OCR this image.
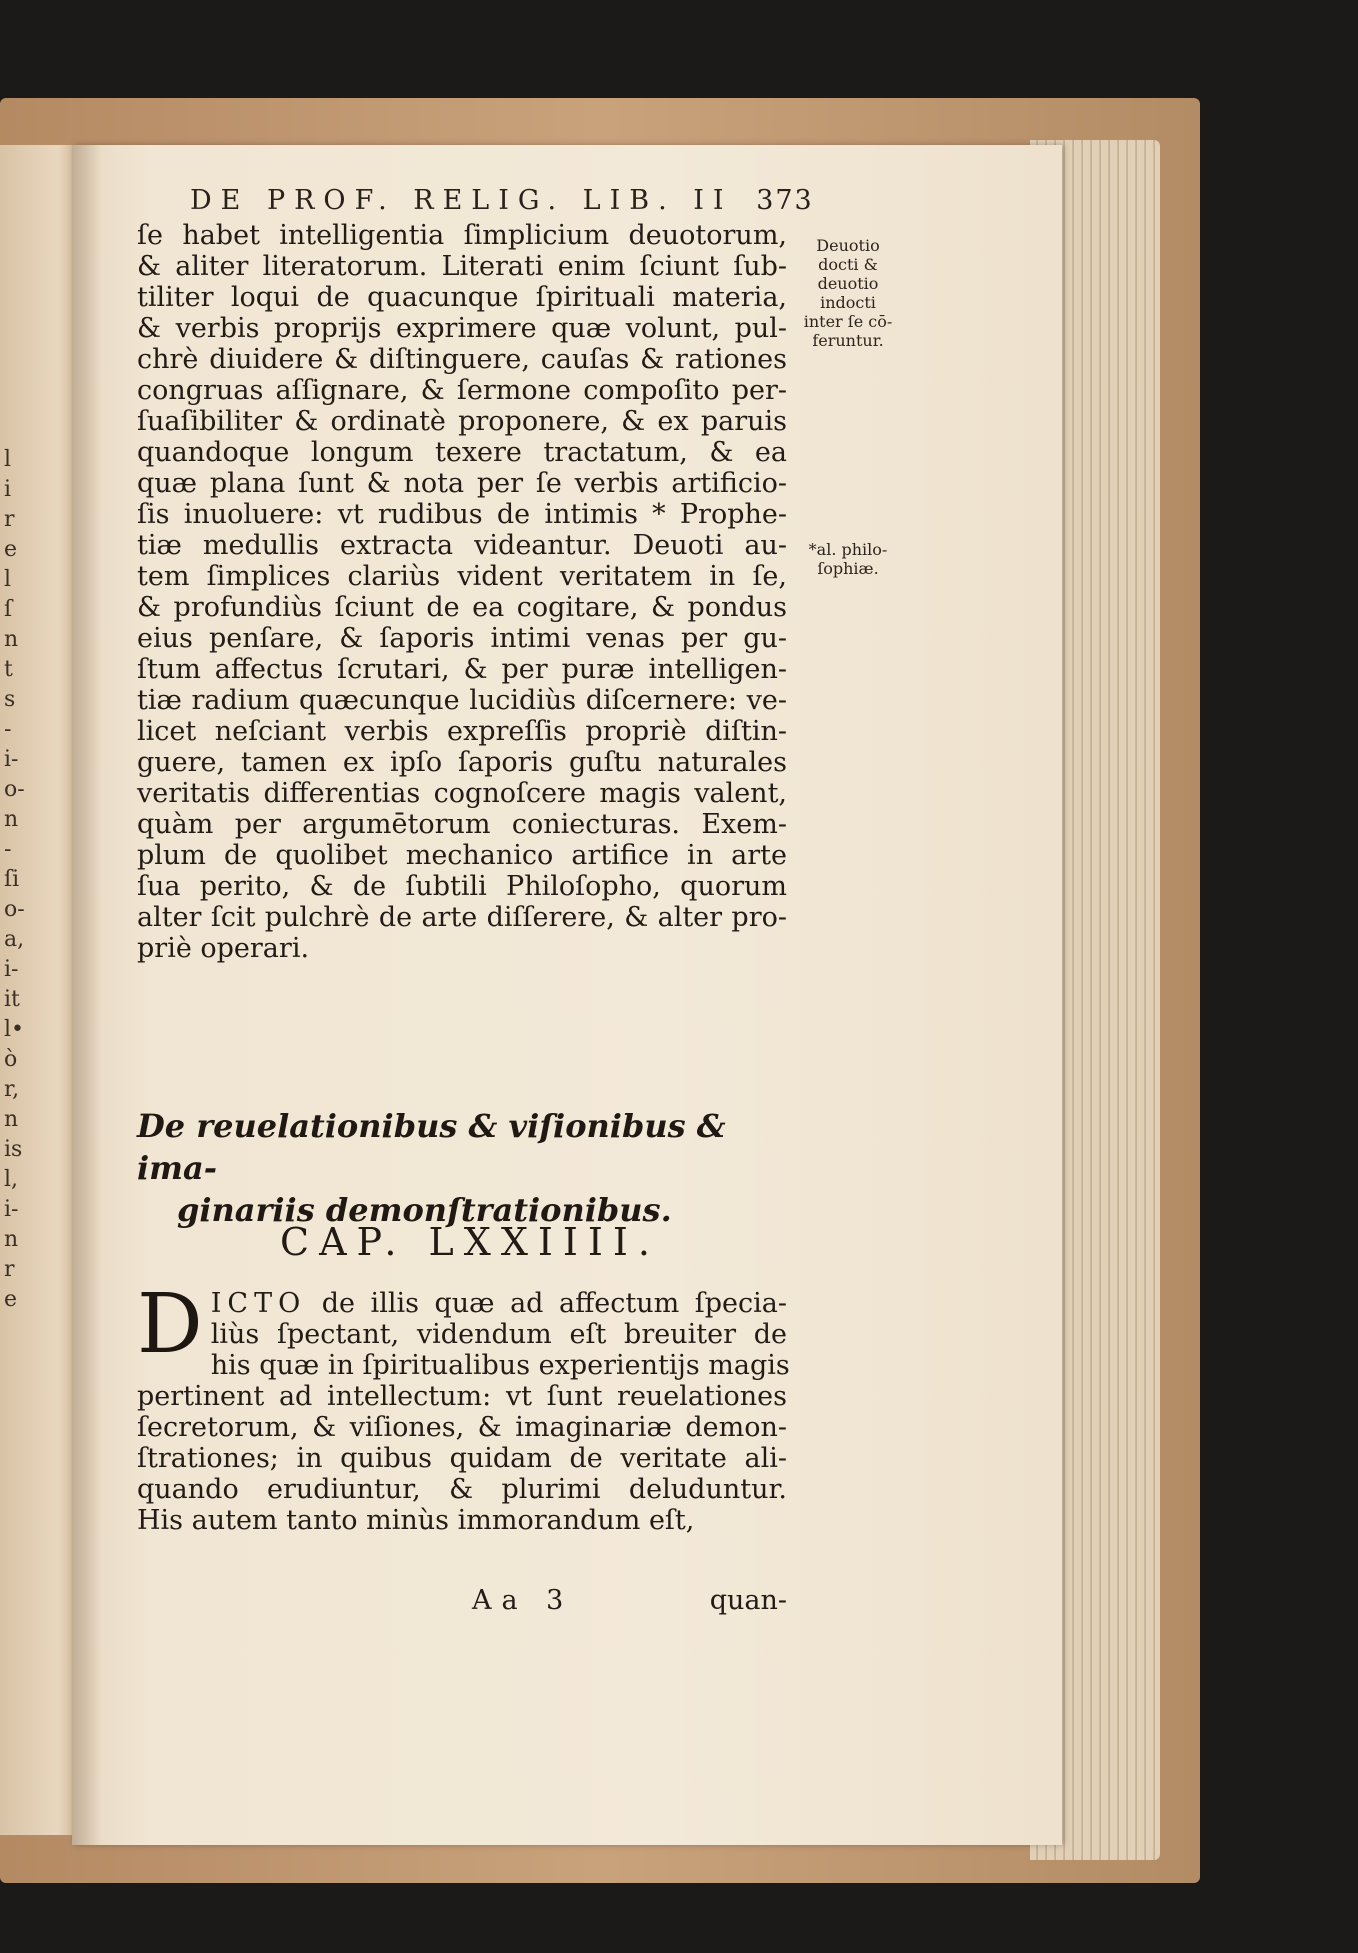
l
i
r
e
l
ſ
n
t
s
-
i-
o-
n
-
ſi
o-
a,
i-
it
l•
ò
r,
n
is
l,
i-
n
r
e
DE PROF. RELIG. LIB. II 373
ſe habet intelligentia ſimplicium deuotorum,
& aliter literatorum. Literati enim ſciunt ſub-
tiliter loqui de quacunque ſpirituali materia,
& verbis proprijs exprimere quæ volunt, pul-
chrè diuidere & diſtinguere, cauſas & rationes
congruas aſſignare, & ſermone compoſito per-
ſuaſibiliter & ordinatè proponere, & ex paruis
quandoque longum texere tractatum, & ea
quæ plana ſunt & nota per ſe verbis artificio-
ſis inuoluere: vt rudibus de intimis * Prophe-
tiæ medullis extracta videantur. Deuoti au-
tem ſimplices clariùs vident veritatem in ſe,
& profundiùs ſciunt de ea cogitare, & pondus
eius penſare, & ſaporis intimi venas per gu-
ſtum affectus ſcrutari, & per puræ intelligen-
tiæ radium quæcunque lucidiùs diſcernere: ve-
licet neſciant verbis expreſſis propriè diſtin-
guere, tamen ex ipſo ſaporis guſtu naturales
veritatis differentias cognoſcere magis valent,
quàm per argumētorum coniecturas. Exem-
plum de quolibet mechanico artifice in arte
ſua perito, & de ſubtili Philoſopho, quorum
alter ſcit pulchrè de arte diſſerere, & alter pro-
priè operari.
Deuotio
docti &
deuotio
indocti
inter ſe cō-
feruntur.
*al. philo-
ſophiæ.
De reuelationibus & viſionibus & ima-
ginariis demonſtrationibus.
CAP. LXXIIII.
D ICTO de illis quæ ad affectum ſpecia-
liùs ſpectant, videndum eſt breuiter de
his quæ in ſpiritualibus experientijs magis
pertinent ad intellectum: vt ſunt reuelationes
ſecretorum, & viſiones, & imaginariæ demon-
ſtrationes; in quibus quidam de veritate ali-
quando erudiuntur, & plurimi deluduntur.
His autem tanto minùs immorandum eſt,
Aa 3	quan-
